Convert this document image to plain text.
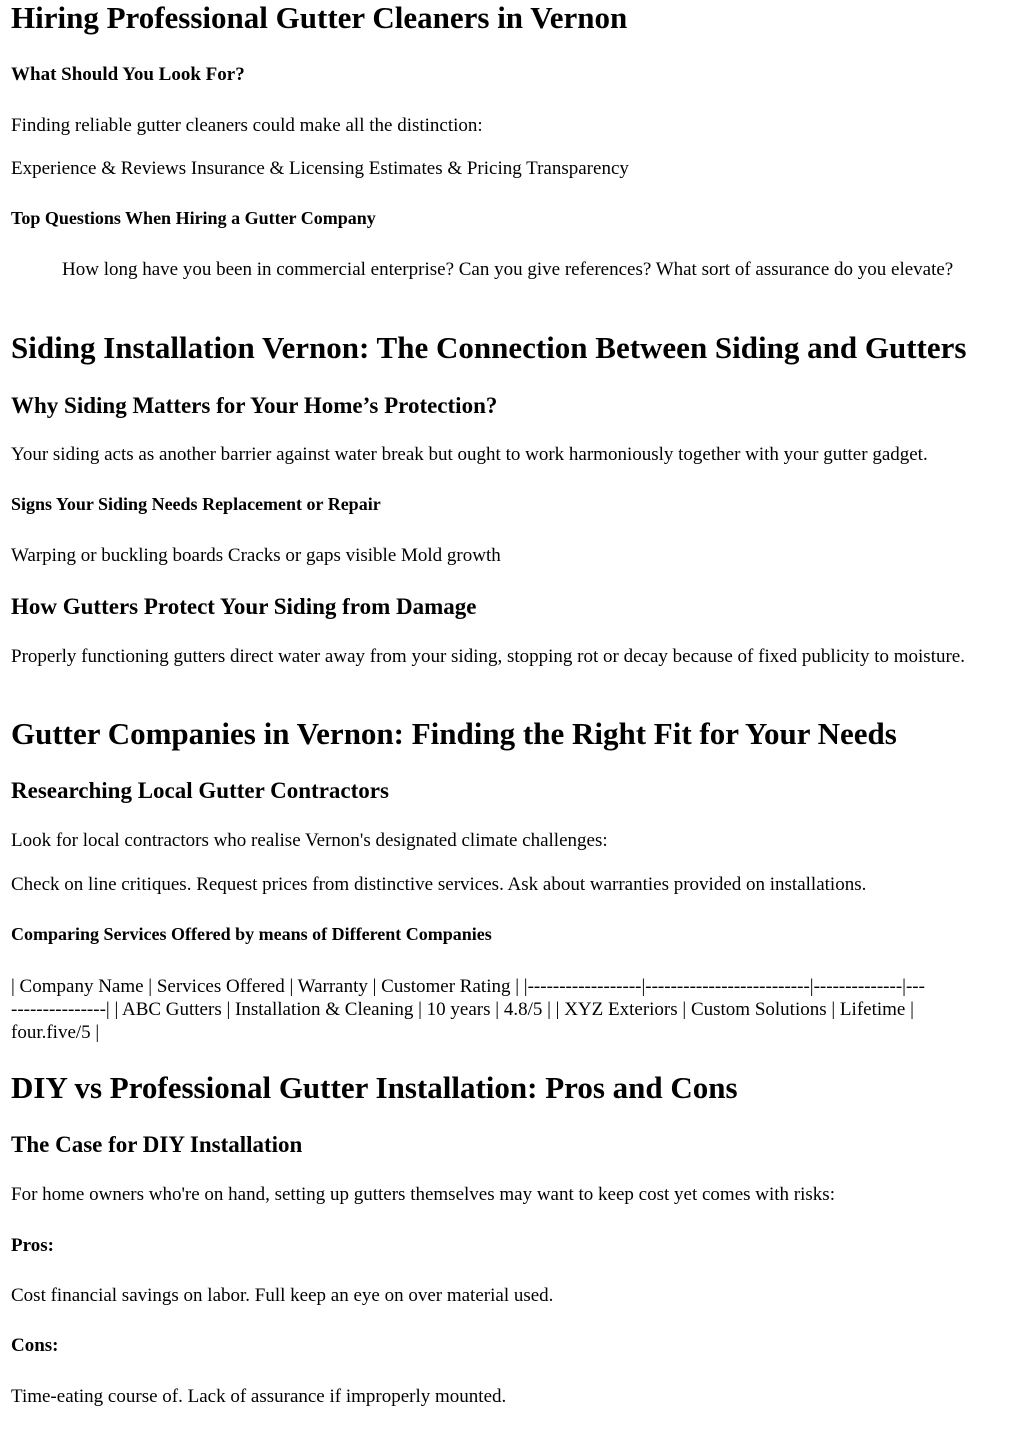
Hiring Professional Gutter Cleaners in Vernon
What Should You Look For?

Finding reliable gutter cleaners could make all the distinction:

Experience & Reviews Insurance & Licensing Estimates & Pricing Transparency

Top Questions When Hiring a Gutter Company
How long have you been in commercial enterprise? Can you give references? What sort of assurance do you elevate?
Siding Installation Vernon: The Connection Between Siding and Gutters
Why Siding Matters for Your Home’s Protection?

Your siding acts as another barrier against water break but ought to work harmoniously together with your gutter gadget.

Signs Your Siding Needs Replacement or Repair

Warping or buckling boards Cracks or gaps visible Mold growth

How Gutters Protect Your Siding from Damage

Properly functioning gutters direct water away from your siding, stopping rot or decay because of fixed publicity to moisture.

Gutter Companies in Vernon: Finding the Right Fit for Your Needs
Researching Local Gutter Contractors

Look for local contractors who realise Vernon's designated climate challenges:

Check on line critiques. Request prices from distinctive services. Ask about warranties provided on installations.

Comparing Services Offered by means of Different Companies

| Company Name | Services Offered | Warranty | Customer Rating | |------------------|--------------------------|--------------|---

---------------| | ABC Gutters | Installation & Cleaning | 10 years | 4.8/5 | | XYZ Exteriors | Custom Solutions | Lifetime |

four.five/5 |

DIY vs Professional Gutter Installation: Pros and Cons
The Case for DIY Installation

For home owners who're on hand, setting up gutters themselves may want to keep cost yet comes with risks:

Pros:

Cost financial savings on labor. Full keep an eye on over material used.

Cons:

Time-eating course of. Lack of assurance if improperly mounted.
